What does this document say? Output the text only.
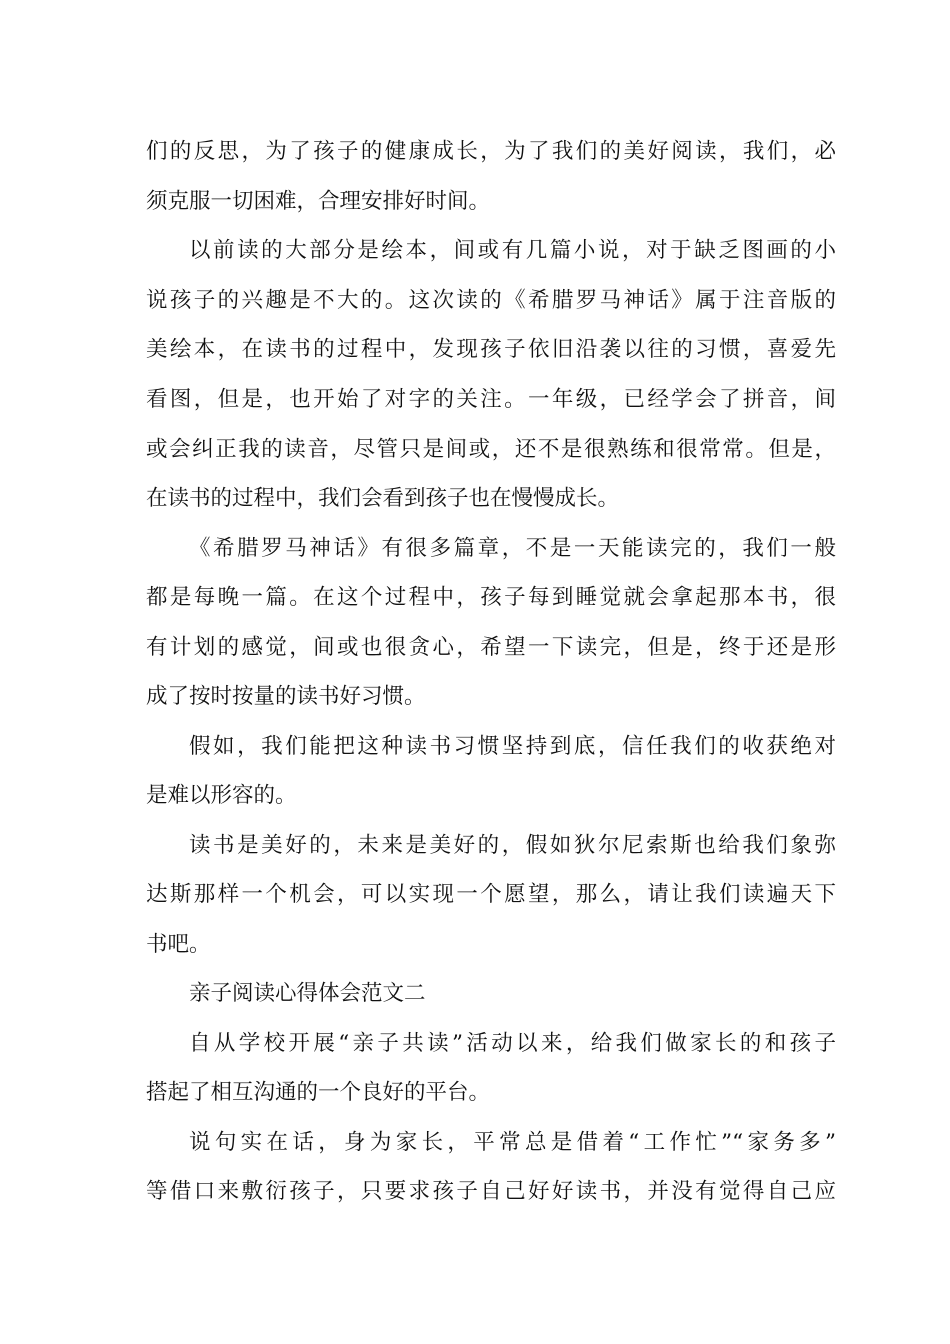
们的反思，为了孩子的健康成长，为了我们的美好阅读，我们，必

须克服一切困难，合理安排好时间。

以前读的大部分是绘本，间或有几篇小说，对于缺乏图画的小

说孩子的兴趣是不大的。这次读的《希腊罗马神话》属于注音版的

美绘本，在读书的过程中，发现孩子依旧沿袭以往的习惯，喜爱先

看图，但是，也开始了对字的关注。一年级，已经学会了拼音，间

或会纠正我的读音，尽管只是间或，还不是很熟练和很常常。但是，

在读书的过程中，我们会看到孩子也在慢慢成长。

《希腊罗马神话》有很多篇章，不是一天能读完的，我们一般

都是每晚一篇。在这个过程中，孩子每到睡觉就会拿起那本书，很

有计划的感觉，间或也很贪心，希望一下读完，但是，终于还是形

成了按时按量的读书好习惯。

假如，我们能把这种读书习惯坚持到底，信任我们的收获绝对

是难以形容的。

读书是美好的，未来是美好的，假如狄尔尼索斯也给我们象弥

达斯那样一个机会，可以实现一个愿望，那么，请让我们读遍天下

书吧。

亲子阅读心得体会范文二

自从学校开展“亲子共读”活动以来，给我们做家长的和孩子

搭起了相互沟通的一个良好的平台。

说句实在话，身为家长，平常总是借着“工作忙”“家务多”

等借口来敷衍孩子，只要求孩子自己好好读书，并没有觉得自己应
